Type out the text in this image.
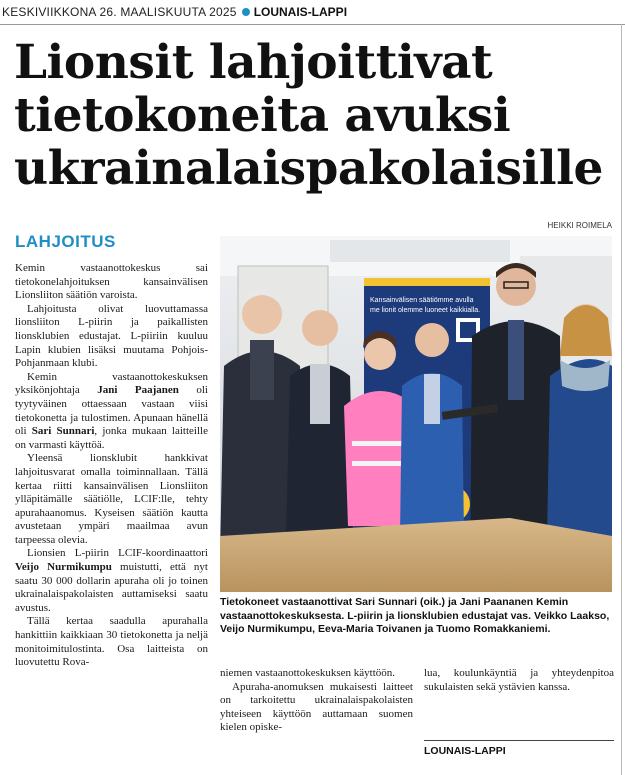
KESKIVIIKKONA 26. MAALISKUUTA 2025 LOUNAIS-LAPPI
Lionsit lahjoittivat tietokoneita avuksi ukrainalaispakolaisille
HEIKKI ROIMELA
LAHJOITUS

Kemin vastaanottokeskus sai tietokonelahjoituksen kansainvälisen Lionsliiton säätiön varoista.

Lahjoitusta olivat luovuttamassa lionsliiton L-piirin ja paikallisten lionsklubien edustajat. L-piiriin kuuluu Lapin klubien lisäksi muutama Pohjois-Pohjanmaan klubi.

Kemin vastaanottokeskuksen yksikönjohtaja Jani Paajanen oli tyytyväinen ottaessaan vastaan viisi tietokonetta ja tulostimen. Apunaan hänellä oli Sari Sunnari, jonka mukaan laitteille on varmasti käyttöä.

Yleensä lionsklubit hankkivat lahjoitusvarat omalla toiminnallaan. Tällä kertaa riitti kansainvälisen Lionsliiton ylläpitämälle säätiölle, LCIF:lle, tehty apurahaanomus. Kyseisen säätiön kautta avustetaan ympäri maailmaa avun tarpeessa olevia.

Lionsien L-piirin LCIF-koordinaattori Veijo Nurmikumpu muistutti, että nyt saatu 30 000 dollarin apuraha oli jo toinen ukrainalaispakolaisten auttamiseksi saatu avustus.

Tällä kertaa saadulla apurahalla hankittiin kaikkiaan 30 tietokonetta ja neljä monitoimitulostinta. Osa laitteista on luovutettu Rova-

Kansainvälisen säätiömme avulla
me lionit olemme luoneet kaikkialla.
Tietokoneet vastaanottivat Sari Sunnari (oik.) ja Jani Paananen Kemin vastaanottokeskuksesta. L-piirin ja lionsklubien edustajat vas. Veikko Laakso, Veijo Nurmikumpu, Eeva-Maria Toivanen ja Tuomo Romakkaniemi.

niemen vastaanottokeskuksen käyttöön.

Apuraha-anomuksen mukaisesti laitteet on tarkoitettu ukrainalaispakolaisten yhteiseen käyttöön auttamaan suomen kielen opiske-

lua, koulunkäyntiä ja yhteydenpitoa sukulaisten sekä ystävien kanssa.

LOUNAIS-LAPPI
